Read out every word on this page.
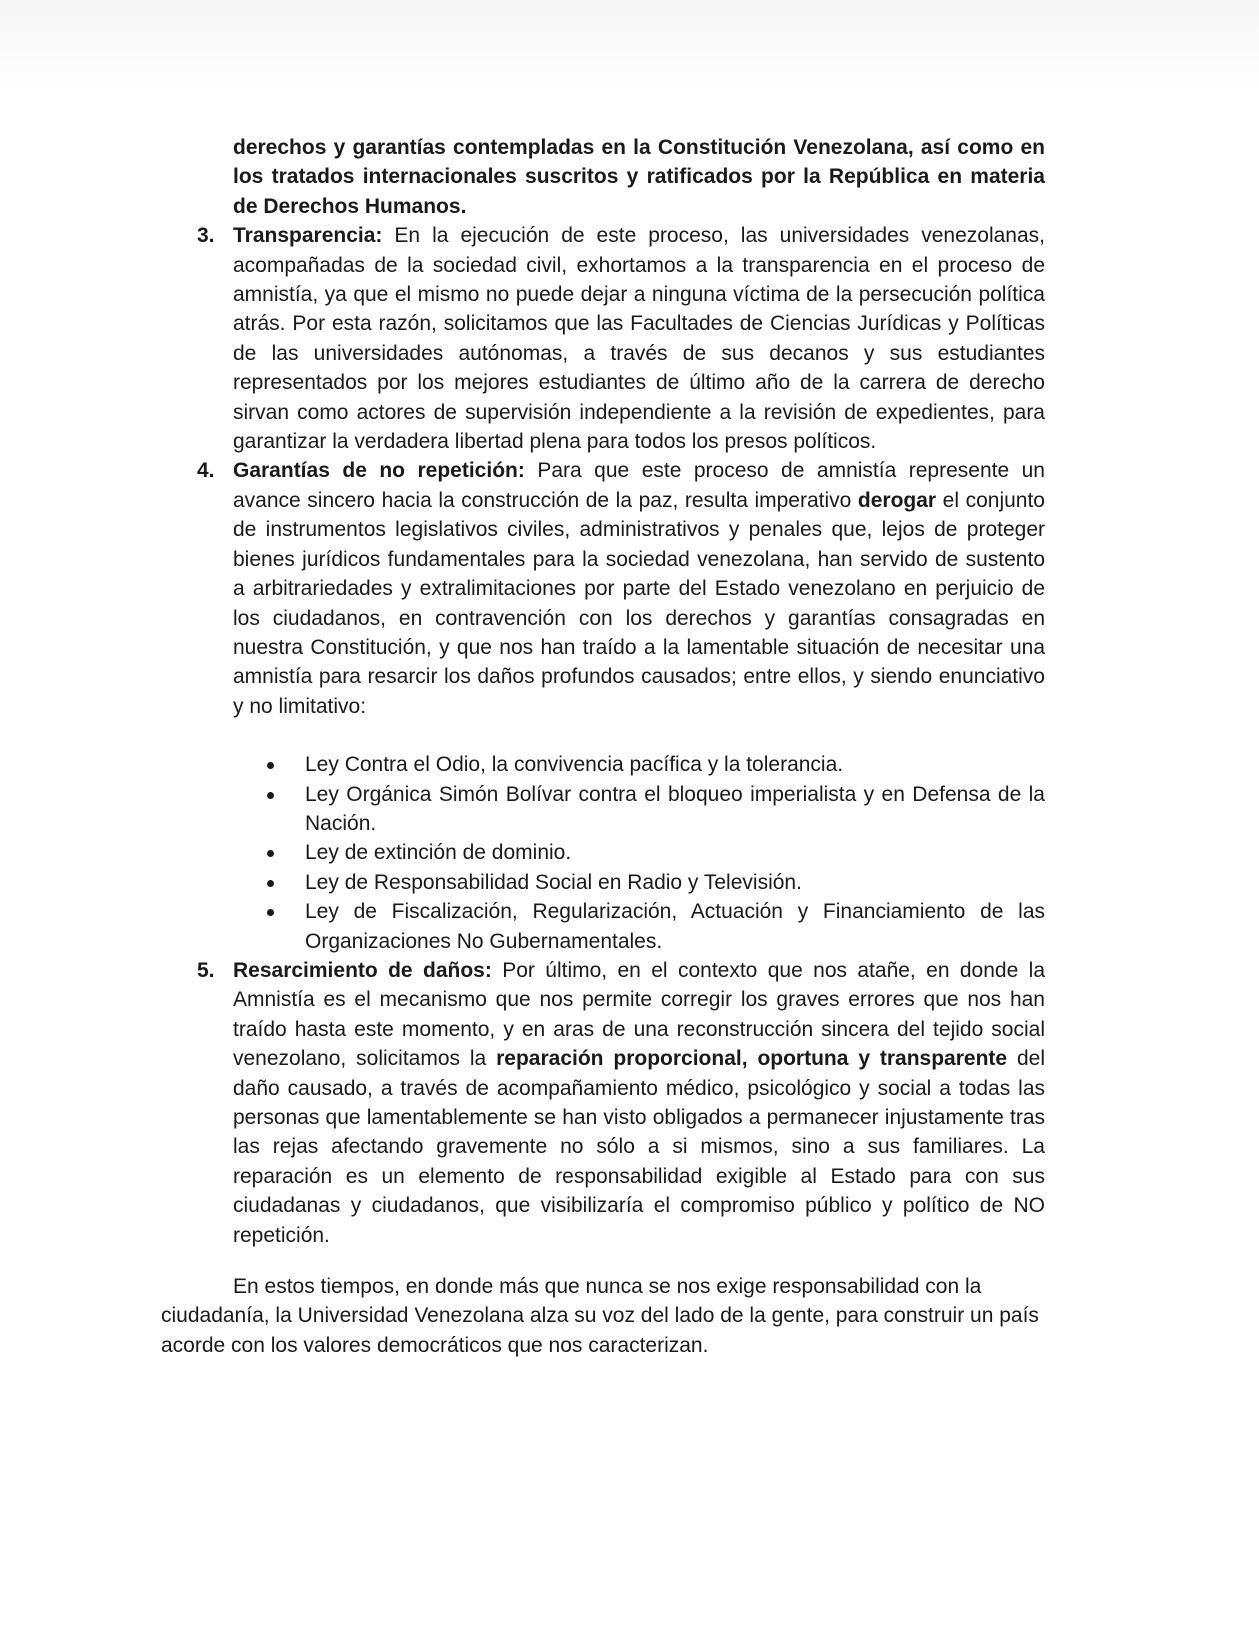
derechos y garantías contempladas en la Constitución Venezolana, así como en los tratados internacionales suscritos y ratificados por la República en materia de Derechos Humanos.

3. Transparencia: En la ejecución de este proceso, las universidades venezolanas, acompañadas de la sociedad civil, exhortamos a la transparencia en el proceso de amnistía, ya que el mismo no puede dejar a ninguna víctima de la persecución política atrás. Por esta razón, solicitamos que las Facultades de Ciencias Jurídicas y Políticas de las universidades autónomas, a través de sus decanos y sus estudiantes representados por los mejores estudiantes de último año de la carrera de derecho sirvan como actores de supervisión independiente a la revisión de expedientes, para garantizar la verdadera libertad plena para todos los presos políticos.
4. Garantías de no repetición: Para que este proceso de amnistía represente un avance sincero hacia la construcción de la paz, resulta imperativo derogar el conjunto de instrumentos legislativos civiles, administrativos y penales que, lejos de proteger bienes jurídicos fundamentales para la sociedad venezolana, han servido de sustento a arbitrariedades y extralimitaciones por parte del Estado venezolano en perjuicio de los ciudadanos, en contravención con los derechos y garantías consagradas en nuestra Constitución, y que nos han traído a la lamentable situación de necesitar una amnistía para resarcir los daños profundos causados; entre ellos, y siendo enunciativo y no limitativo:
Ley Contra el Odio, la convivencia pacífica y la tolerancia.
Ley Orgánica Simón Bolívar contra el bloqueo imperialista y en Defensa de la Nación.
Ley de extinción de dominio.
Ley de Responsabilidad Social en Radio y Televisión.
Ley de Fiscalización, Regularización, Actuación y Financiamiento de las Organizaciones No Gubernamentales.
5. Resarcimiento de daños: Por último, en el contexto que nos atañe, en donde la Amnistía es el mecanismo que nos permite corregir los graves errores que nos han traído hasta este momento, y en aras de una reconstrucción sincera del tejido social venezolano, solicitamos la reparación proporcional, oportuna y transparente del daño causado, a través de acompañamiento médico, psicológico y social a todas las personas que lamentablemente se han visto obligados a permanecer injustamente tras las rejas afectando gravemente no sólo a si mismos, sino a sus familiares. La reparación es un elemento de responsabilidad exigible al Estado para con sus ciudadanas y ciudadanos, que visibilizaría el compromiso público y político de NO repetición.

En estos tiempos, en donde más que nunca se nos exige responsabilidad con la ciudadanía, la Universidad Venezolana alza su voz del lado de la gente, para construir un país acorde con los valores democráticos que nos caracterizan.
